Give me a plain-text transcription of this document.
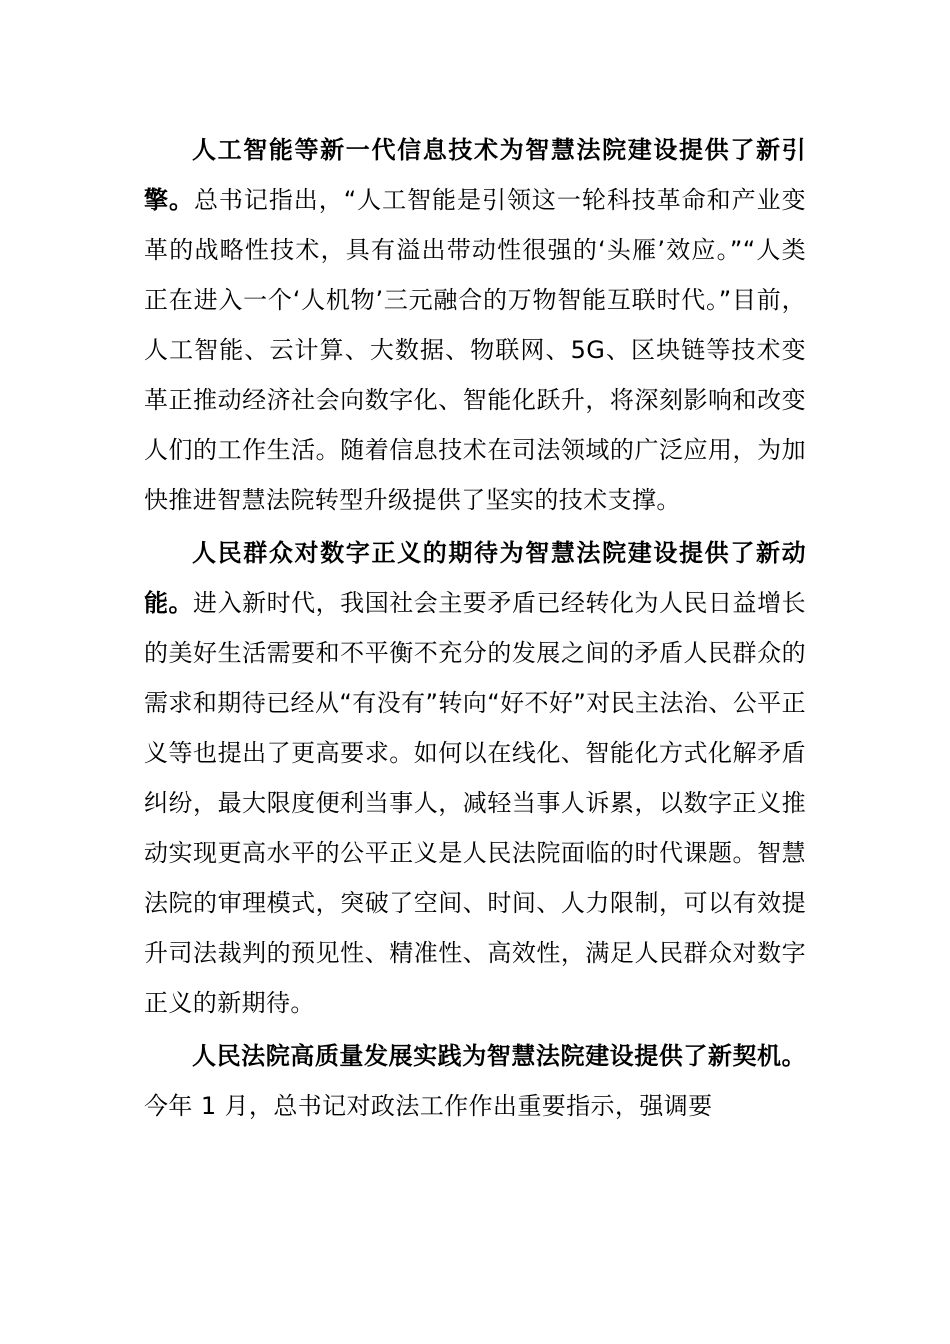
人工智能等新一代信息技术为智慧法院建设提供了新引擎。总书记指出，“人工智能是引领这一轮科技革命和产业变革的战略性技术，具有溢出带动性很强的‘头雁’效应。”“人类正在进入一个‘人机物’三元融合的万物智能互联时代。”目前，人工智能、云计算、大数据、物联网、5G、区块链等技术变革正推动经济社会向数字化、智能化跃升，将深刻影响和改变人们的工作生活。随着信息技术在司法领域的广泛应用，为加快推进智慧法院转型升级提供了坚实的技术支撑。

人民群众对数字正义的期待为智慧法院建设提供了新动能。进入新时代，我国社会主要矛盾已经转化为人民日益增长的美好生活需要和不平衡不充分的发展之间的矛盾人民群众的需求和期待已经从“有没有”转向“好不好”对民主法治、公平正义等也提出了更高要求。如何以在线化、智能化方式化解矛盾纠纷，最大限度便利当事人，减轻当事人诉累，以数字正义推动实现更高水平的公平正义是人民法院面临的时代课题。智慧法院的审理模式，突破了空间、时间、人力限制，可以有效提升司法裁判的预见性、精准性、高效性，满足人民群众对数字正义的新期待。

人民法院高质量发展实践为智慧法院建设提供了新契机。今年 1 月，总书记对政法工作作出重要指示，强调要
